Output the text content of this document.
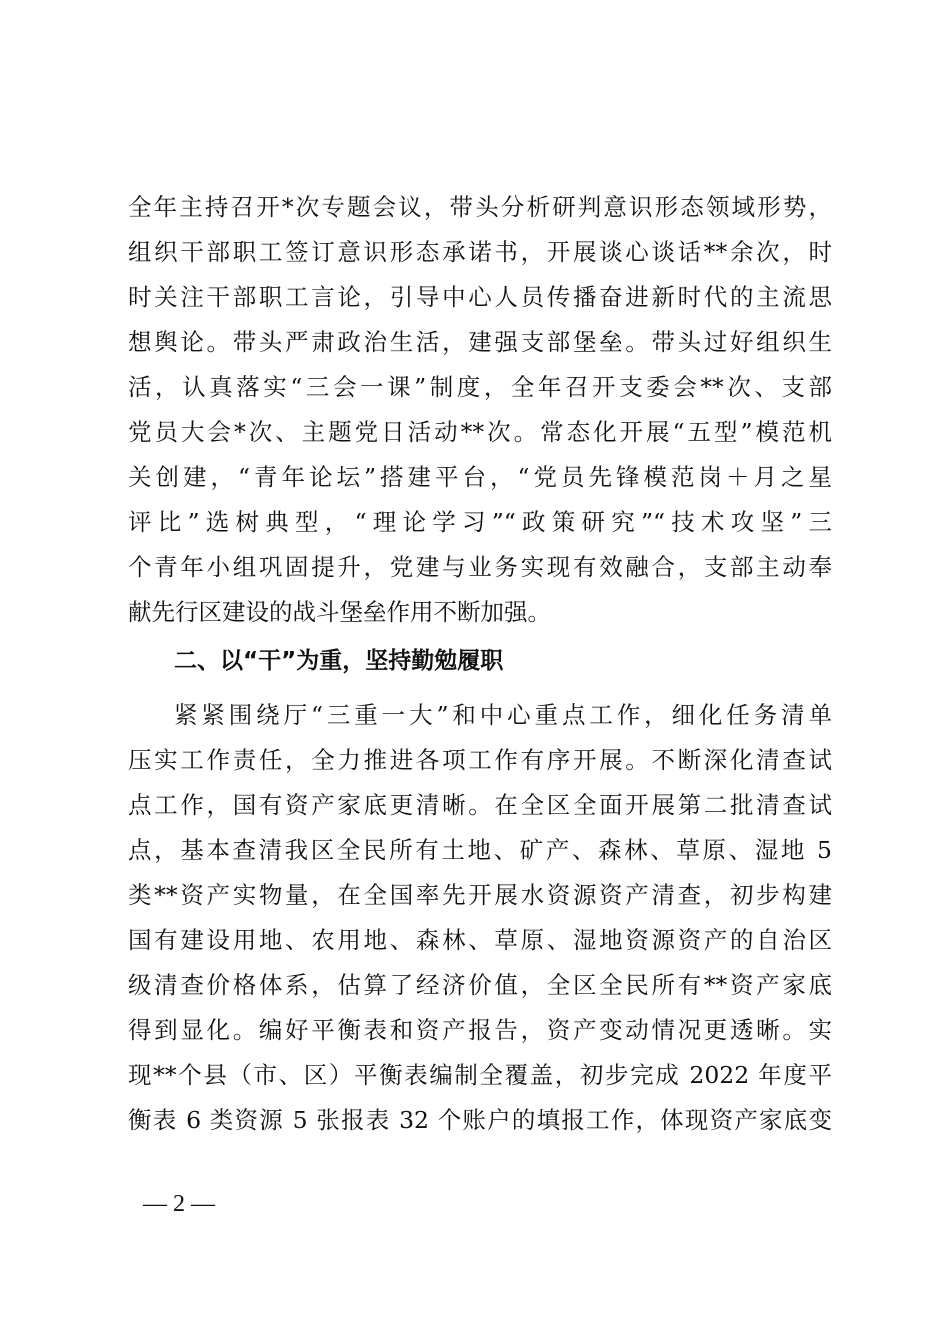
全年主持召开*次专题会议，带头分析研判意识形态领域形势，
组织干部职工签订意识形态承诺书，开展谈心谈话**余次，时
时关注干部职工言论，引导中心人员传播奋进新时代的主流思
想舆论。带头严肃政治生活，建强支部堡垒。带头过好组织生
活，认真落实“三会一课”制度，全年召开支委会**次、支部
党员大会*次、主题党日活动**次。常态化开展“五型”模范机
关创建，“青年论坛”搭建平台，“党员先锋模范岗＋月之星
评比”选树典型，“理论学习”“政策研究”“技术攻坚”三
个青年小组巩固提升，党建与业务实现有效融合，支部主动奉
献先行区建设的战斗堡垒作用不断加强。
二、以“干”为重，坚持勤勉履职
紧紧围绕厅“三重一大”和中心重点工作，细化任务清单
压实工作责任，全力推进各项工作有序开展。不断深化清查试
点工作，国有资产家底更清晰。在全区全面开展第二批清查试
点，基本查清我区全民所有土地、矿产、森林、草原、湿地 5
类**资产实物量，在全国率先开展水资源资产清查，初步构建
国有建设用地、农用地、森林、草原、湿地资源资产的自治区
级清查价格体系，估算了经济价值，全区全民所有**资产家底
得到显化。编好平衡表和资产报告，资产变动情况更透晰。实
现**个县（市、区）平衡表编制全覆盖，初步完成 2022 年度平
衡表 6 类资源 5 张报表 32 个账户的填报工作，体现资产家底变
— 2 —
